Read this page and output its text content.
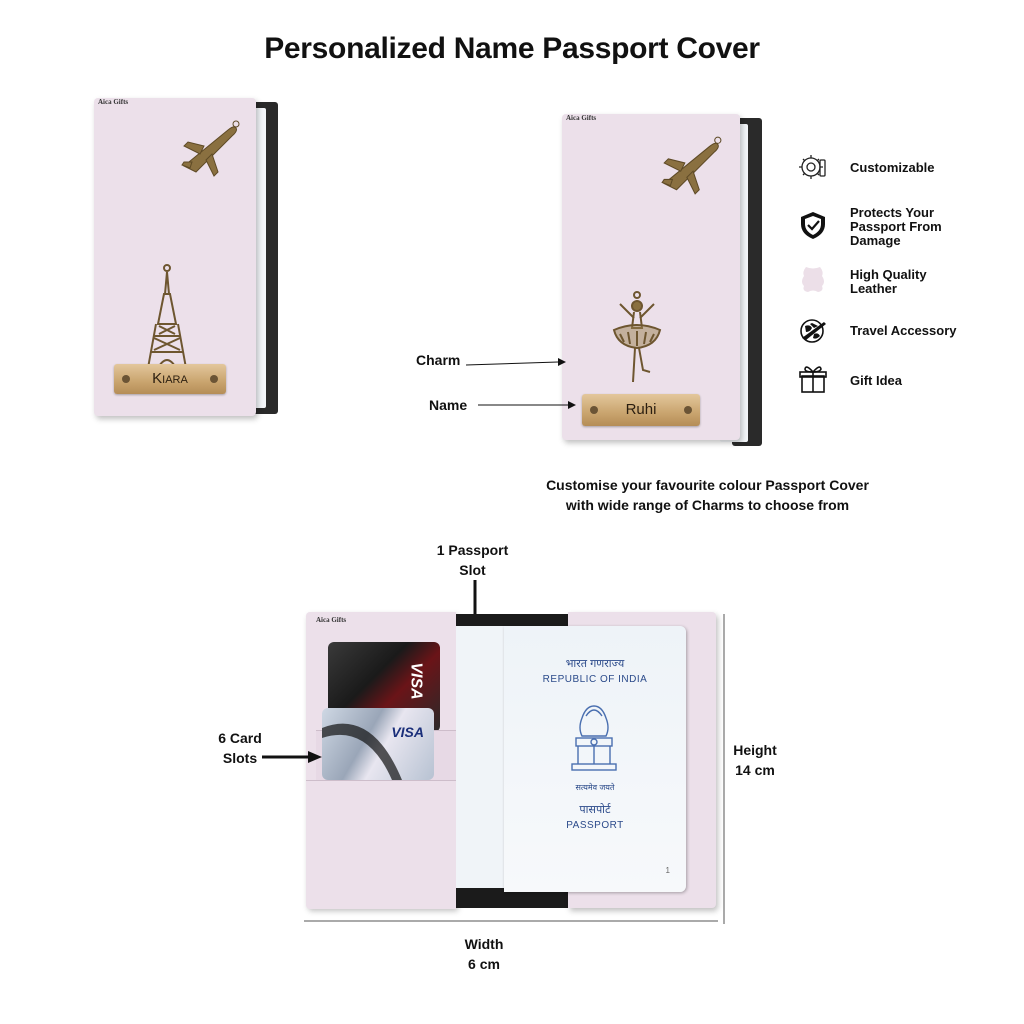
Personalized Name Passport Cover
Aica Gifts
Kiara
Aica Gifts
Ruhi
Charm
Name
Customizable
Protects Your Passport From Damage
High Quality Leather
Travel Accessory
Gift Idea
Customise your favourite colour Passport Cover
with wide range of Charms to choose from
1 Passport
Slot
Aica Gifts
VISA
VISA
भारत गणराज्य
REPUBLIC OF INDIA
सत्यमेव जयते
पासपोर्ट
PASSPORT
1
6 Card
Slots	Height
14 cm
Width
6 cm
